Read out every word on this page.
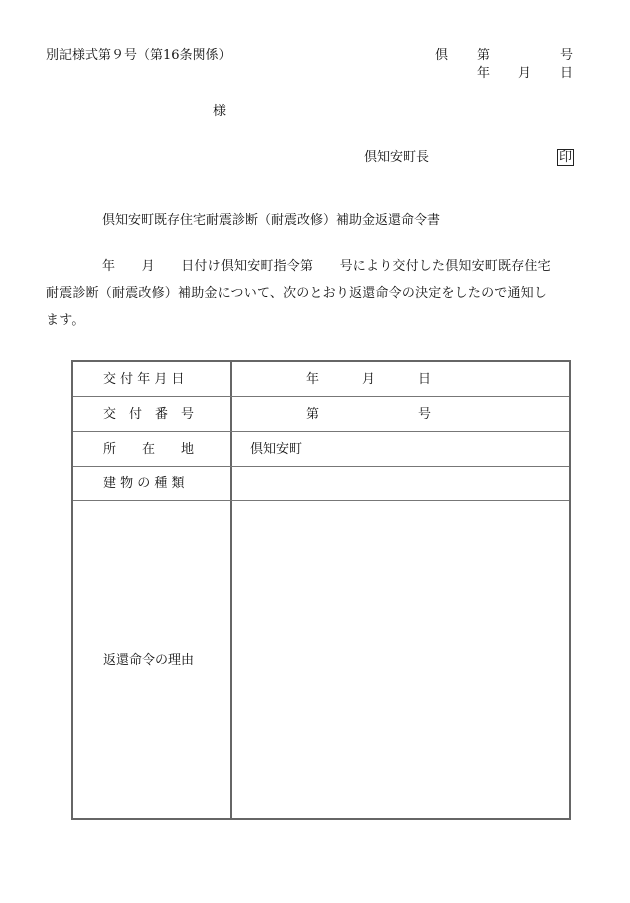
別記様式第９号（第16条関係）	倶 第	号
年 月 日
様
倶知安町長	印
倶知安町既存住宅耐震診断（耐震改修）補助金返還命令書

年　　月　　日付け倶知安町指令第　　号により交付した倶知安町既存住宅

耐震診断（耐震改修）補助金について、次のとおり返還命令の決定をしたので通知し

ます。

交 付 年 月 日	年	月	日
交　付　番　号	第	号
所　　在　　地	倶知安町
建 物 の 種 類
返還命令の理由
